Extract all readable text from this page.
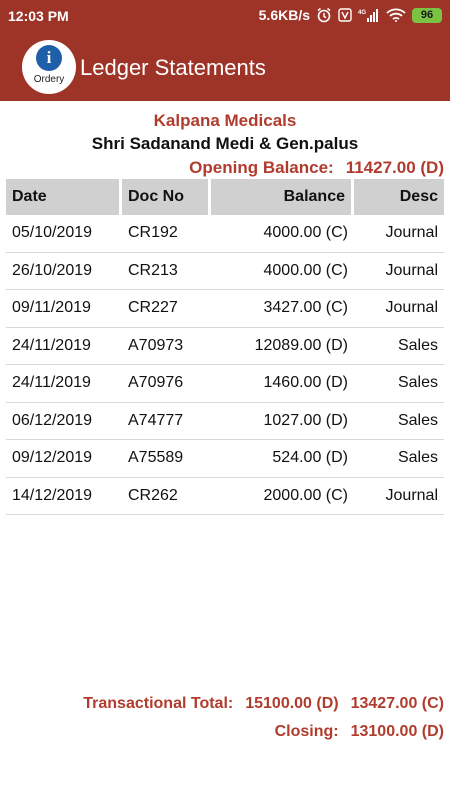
12:03 PM	5.6KB/s	4G	96
i
Ordery Ledger Statements
Kalpana Medicals
Shri Sadanand Medi & Gen.palus
Opening Balance: 11427.00 (D)
Date	Doc No	Balance	Desc
05/10/2019	CR192	4000.00 (C)	Journal
26/10/2019	CR213	4000.00 (C)	Journal
09/11/2019	CR227	3427.00 (C)	Journal
24/11/2019	A70973	12089.00 (D)	Sales
24/11/2019	A70976	1460.00 (D)	Sales
06/12/2019	A74777	1027.00 (D)	Sales
09/12/2019	A75589	524.00 (D)	Sales
14/12/2019	CR262	2000.00 (C)	Journal
Transactional Total: 15100.00 (D) 13427.00 (C)
Closing: 13100.00 (D)
